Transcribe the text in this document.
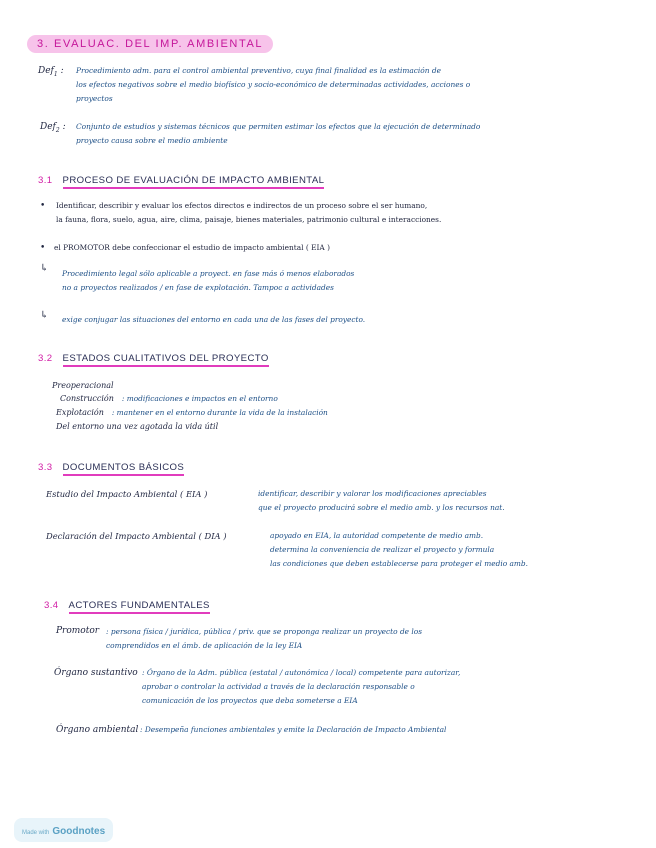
3. EVALUAC. DEL IMP. AMBIENTAL
Def$_1$ : Procedimiento adm. para el control ambiental preventivo, cuya final finalidad es la estimación de
los efectos negativos sobre el medio biofísico y socio-económico de determinadas actividades, acciones o
proyectos
Def$_2$ : Conjunto de estudios y sistemas técnicos que permiten estimar los efectos que la ejecución de determinado
proyecto causa sobre el medio ambiente
3.1 PROCESO DE EVALUACIÓN DE IMPACTO AMBIENTAL
• Identificar, describir y evaluar los efectos directos e indirectos de un proceso sobre el ser humano,
la fauna, flora, suelo, agua, aire, clima, paisaje, bienes materiales, patrimonio cultural e interacciones.
• el PROMOTOR debe confeccionar el estudio de impacto ambiental ( EIA )
↳ Procedimiento legal sólo aplicable a proyect. en fase más ó menos elaborados
no a proyectos realizados / en fase de explotación. Tampoc a actividades
↳ exige conjugar las situaciones del entorno en cada una de las fases del proyecto.
3.2 ESTADOS CUALITATIVOS DEL PROYECTO
Preoperacional
Construcción : modificaciones e impactos en el entorno
Explotación : mantener en el entorno durante la vida de la instalación
Del entorno una vez agotada la vida útil
3.3 DOCUMENTOS BÁSICOS
Estudio del Impacto Ambiental ( EIA )	identificar, describir y valorar los modificaciones apreciables
que el proyecto producirá sobre el medio amb. y los recursos nat.
Declaración del Impacto Ambiental ( DIA )	apoyado en EIA, la autoridad competente de medio amb.
determina la conveniencia de realizar el proyecto y formula
las condiciones que deben establecerse para proteger el medio amb.
3.4 ACTORES FUNDAMENTALES
Promotor : persona física / jurídica, pública / priv. que se proponga realizar un proyecto de los
comprendidos en el ámb. de aplicación de la ley EIA
Órgano sustantivo : Órgano de la Adm. pública (estatal / autonómica / local) competente para autorizar,
aprobar o controlar la actividad a través de la declaración responsable o
comunicación de los proyectos que deba someterse a EIA
Órgano ambiental : Desempeña funciones ambientales y emite la Declaración de Impacto Ambiental
Made with Goodnotes
